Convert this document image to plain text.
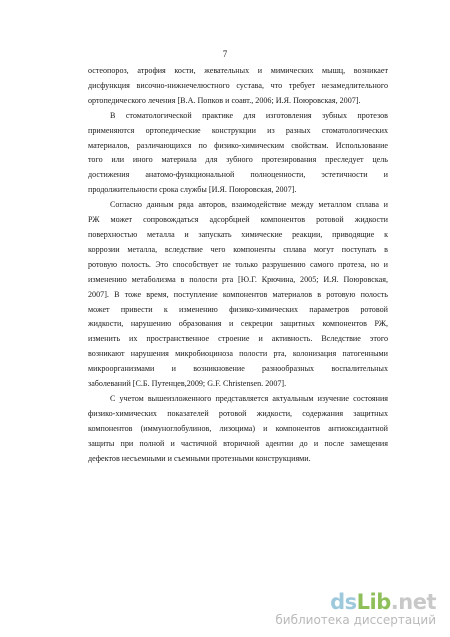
7

остеопороз, атрофия кости, жевательных и мимических мышц, возникает
дисфункция височно-нижнечелюстного сустава, что требует незамедлительного
ортопедического лечения [В.А. Попков и соавт., 2006; И.Я. Поюровская, 2007].

В стоматологической практике для изготовления зубных протезов
применяются ортопедические конструкции из разных стоматологических
материалов, различающихся по физико-химическим свойствам. Использование
того или иного материала для зубного протезирования преследует цель
достижения анатомо-функциональной полноценности, эстетичности и
продолжительности срока службы [И.Я. Поюровская, 2007].

Согласно данным ряда авторов, взаимодействие между металлом сплава и
РЖ может сопровождаться адсорбцией компонентов ротовой жидкости
поверхностью металла и запускать химические реакции, приводящие к
коррозии металла, вследствие чего компоненты сплава могут поступать в
ротовую полость. Это способствует не только разрушению самого протеза, но и
изменению метаболизма в полости рта [Ю.Г. Крючина, 2005; И.Я. Поюровская,
2007]. В тоже время, поступление компонентов материалов в ротовую полость
может привести к изменению физико-химических параметров ротовой
жидкости, нарушению образования и секреции защитных компонентов РЖ,
изменить их пространственное строение и активность. Вследствие этого
возникают нарушения микробиоциноза полости рта, колонизация патогенными
микроорганизмами и возникновение разнообразных воспалительных
заболеваний [С.Б. Путенцев,2009; G.F. Christensen. 2007].

С учетом вышеизложенного представляется актуальным изучение состояния
физико-химических показателей ротовой жидкости, содержания защитных
компонентов (иммуноглобулинов, лизоцима) и компонентов антиоксидантной
защиты при полной и частичной вторичной адентии до и после замещения
дефектов несъемными и съемными протезными конструкциями.

dsLib.net
библиотека диссертаций
